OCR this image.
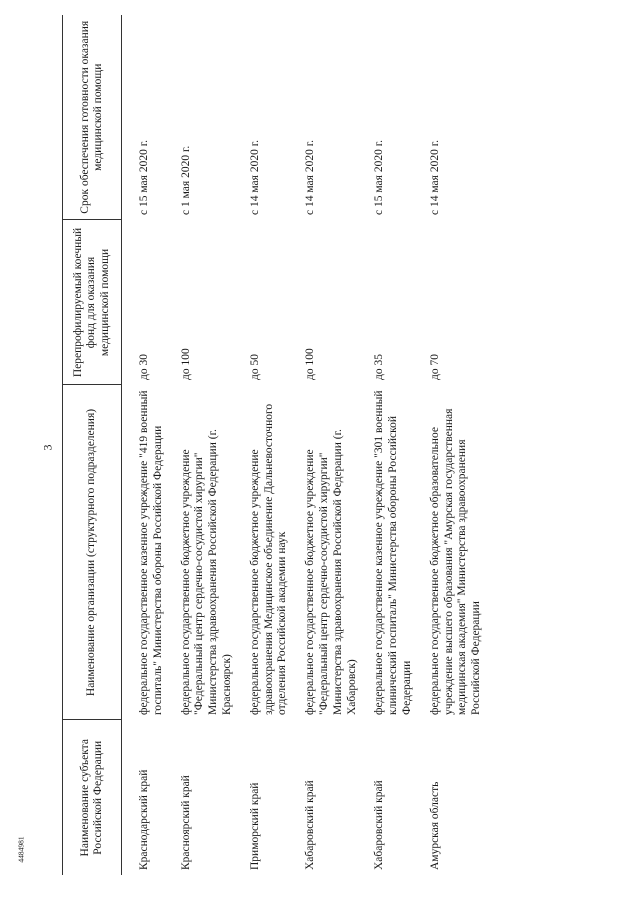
3
4484981	Наименование субъекта Российской Федерации	Наименование организации (структурного подразделения)	Перепрофилируемый коечный фонд для оказания медицинской помощи	Срок обеспечения готовности оказания медицинской помощи
Краснодарский край	федеральное государственное казенное учреждение "419 военный госпиталь" Министерства обороны Российской Федерации	до 30	с 15 мая 2020 г.
Красноярский край	федеральное государственное бюджетное учреждение "Федеральный центр сердечно-сосудистой хирургии" Министерства здравоохранения Российской Федерации (г. Красноярск)	до 100	с 1 мая 2020 г.
Приморский край	федеральное государственное бюджетное учреждение здравоохранения Медицинское объединение Дальневосточного отделения Российской академии наук	до 50	с 14 мая 2020 г.
Хабаровский край	федеральное государственное бюджетное учреждение "Федеральный центр сердечно-сосудистой хирургии" Министерства здравоохранения Российской Федерации (г. Хабаровск)	до 100	с 14 мая 2020 г.
Хабаровский край	федеральное государственное казенное учреждение "301 военный клинический госпиталь" Министерства обороны Российской Федерации	до 35	с 15 мая 2020 г.
Амурская область	федеральное государственное бюджетное образовательное учреждение высшего образования "Амурская государственная медицинская академия" Министерства здравоохранения Российской Федерации	до 70	с 14 мая 2020 г.
